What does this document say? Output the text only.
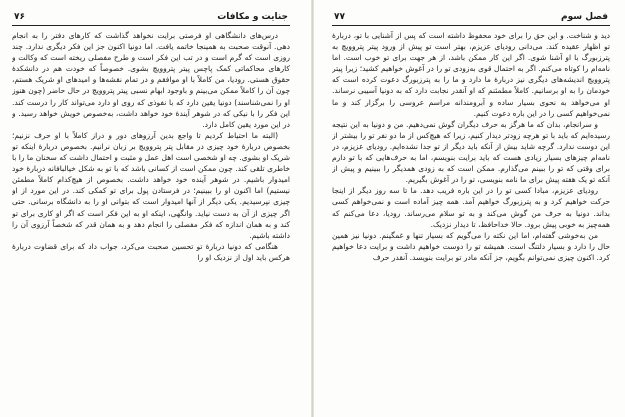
جنایت و مکافات
۷۶

درس‌های دانشگاهی او فرصتی برایت نخواهد گذاشت که کارهای دفتر را به انجام دهی. آنوقت صحبت به همینجا خاتمه یافت. اما دونیا اکنون جز این فکر دیگری ندارد. چند روزی است که گرم است و در تب این فکر است و طرح مفصلی ریخته است که وکالت و کارهای محاکماتی کمک پاچس پیتر پتروویچ بشوی. خصوصاً که خودت هم در دانشکدهٔ حقوق هستی. رودیا، من کاملاً با او موافقم و در تمام نقشه‌ها و امیدهای او شریک هستم، چون آن را کاملاً ممکن می‌بینم و باوجود ابهام نسبی پیتر پتروویچ در حال حاضر (چون هنوز او را نمی‌شناسند) دونیا یقین دارد که با نفوذی که روی او دارد می‌تواند کار را درست کند. این فکر را با نیکی که در شوهر آیندهٔ خود خواهد داشت، به‌خصوص خویش خواهد رسید. و در این مورد یقین کامل دارد.

(البته ما احتیاط کردیم تا واجع بدین آرزوهای دور و دراز کاملاً با او حرف نزنیم؛ بخصوص دربارهٔ خود چیزی در مقابل پتر پتروویچ بر زبان نرانیم. بخصوص دربارهٔ اینکه تو شریک او بشوی. چه او شخصی است اهل عمل و مثبت و احتمال داشت که سخنان ما را با خاطری تلقی کند. چون ممکن است از کسانی باشد که با تو به شکل خیالبافانه دربارهٔ خود امیدوار باشیم. در شوهر آینده خود خواهد داشت. بخصوص از هیچ‌کدام کاملاً مطمئن نیستیم) اما اکنون او را ببینیم؛ در فرستادن پول برای تو کمکی کند. در این مورد از او چیزی نپرسیدیم. یکی دیگر از آنها امیدوار است که بتوانی او را به دانشگاه برسانی. حتی اگر چیزی از آن به دست نیاید. وانگهی، اینکه او به این فکر است که اگر او کاری برای تو کند و به همان اندازه که فکر مفصلی را انجام دهد و به همان قدر که شخصاً آرزوی آن را داشته باشیم.

هنگامی که دونیا دربارهٔ تو تحسین صحبت می‌کرد، جواب داد که برای قضاوت دربارهٔ هرکس باید اول از نزدیک او را

فصل سوم
۷۷

دید و شناخت. و این حق را برای خود محفوظ داشته است که پس از آشنایی با تو، دربارهٔ تو اظهار عقیده کند. می‌دانی رودیای عزیزم، بهتر است تو پیش از ورود پیتر پتروویچ به پترزبورگ با او آشنا شوی. اگر این کار ممکن باشد، از هر جهت برای تو خوب است. اما نامه‌ام را کوتاه می‌کنم. اگر به احتمال قوی به‌زودی تو را در آغوش خواهیم کشید؛ زیرا پیتر پتروویچ اندیشه‌های دیگری نیز دربارهٔ ما دارد و ما را به پترزبورگ دعوت کرده است که خودمان را به او برسانیم. کاملاً مطمئنم که او آنقدر نجابت دارد که به دونیا آسیبی نرساند. او می‌خواهد به نحوی بسیار ساده و آبرومندانه مراسم عروسی را برگزار کند و ما نمی‌خواهیم کسی را در این باره دعوت کنیم.

و سرانجام، بدان که ما هرگز به حرف دیگران گوش نمی‌دهیم. من و دونیا به این نتیجه رسیده‌ایم که باید با تو هرچه زودتر دیدار کنیم، زیرا که هیچ‌کس از ما دو نفر تو را بیشتر از این دوست ندارد. گرچه شاید بیش از آنکه باید دیگر از تو جدا نشده‌ایم. رودیای عزیزم، در نامه‌ام چیزهای بسیار زیادی هست که باید برایت بنویسم، اما به حرف‌هایی که با تو دارم برای وقتی که تو را ببینم می‌گذارم. ممکن است که به زودی همدیگر را ببینیم و پیش از آنکه تو یک هفته پیش برای ما نامه بنویسی، تو را در آغوش بگیریم.

رودیای عزیزم، مبادا کسی تو را در این باره فریب دهد. ما تا سه روز دیگر از اینجا حرکت خواهیم کرد و به پترزبورگ خواهیم آمد. همه چیز آماده است و نمی‌خواهم کسی بداند. دونیا به حرف من گوش می‌کند و به تو سلام می‌رساند. رودیا، دعا می‌کنم که همه‌چیز به خوبی پیش برود. حالا خداحافظ، تا دیدار نزدیک.

من به‌خوشی گفته‌ام، اما این نکته را می‌گویم که بسیار تنها و غمگینم. دونیا نیز همین حال را دارد و بسیار دلتنگ است. همیشه تو را دوست خواهیم داشت و برایت دعا خواهیم کرد. اکنون چیزی نمی‌توانم بگویم، جز آنکه مادر تو برایت بنویسد. آنقدر حرف
